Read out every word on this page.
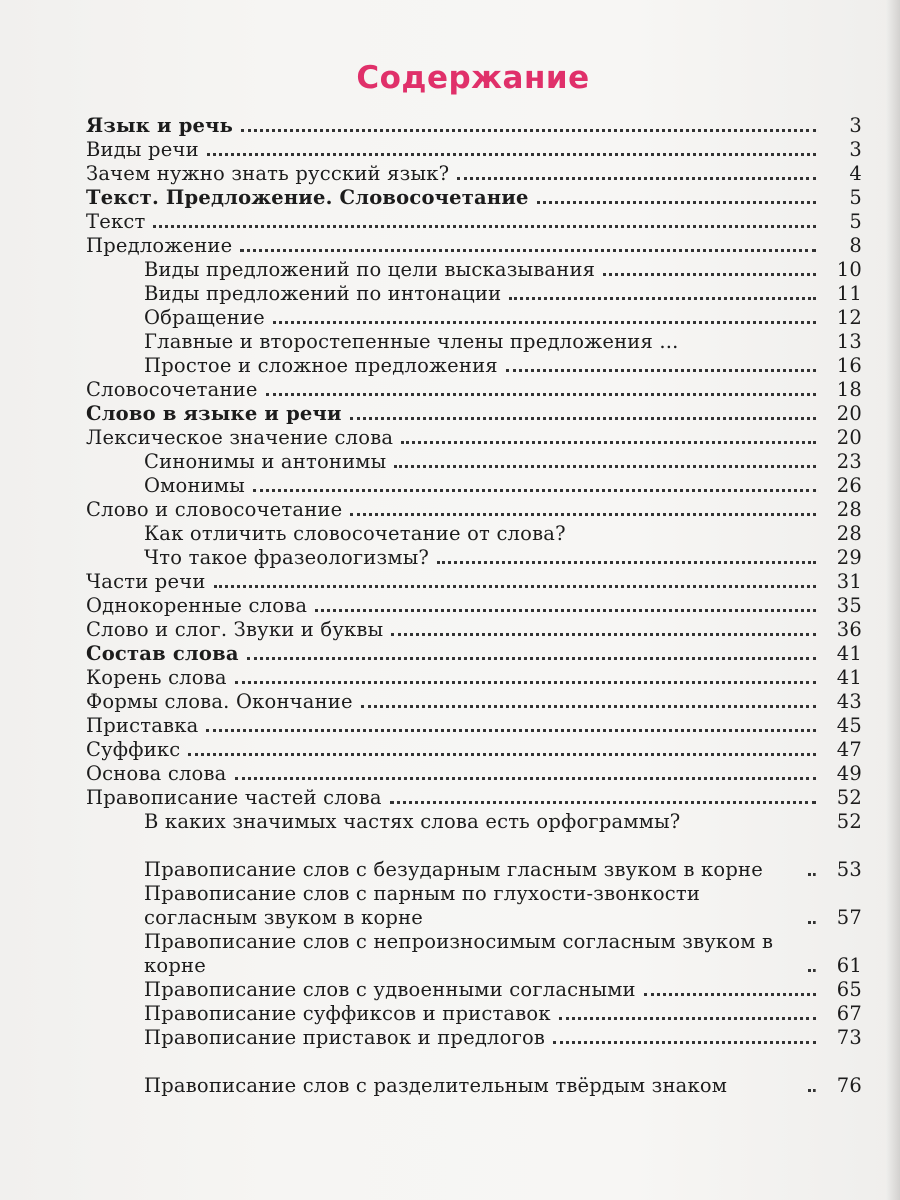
Содержание
Язык и речь	3
Виды речи	3
Зачем нужно знать русский язык?	4
Текст. Предложение. Словосочетание	5
Текст	5
Предложение	8
Виды предложений по цели высказывания	10
Виды предложений по интонации	11
Обращение	12
Главные и второстепенные члены предложения ...	13
Простое и сложное предложения	16
Словосочетание	18
Слово в языке и речи	20
Лексическое значение слова	20
Синонимы и антонимы	23
Омонимы	26
Слово и словосочетание	28
Как отличить словосочетание от слова?	28
Что такое фразеологизмы?	29
Части речи	31
Однокоренные слова	35
Слово и слог. Звуки и буквы	36
Состав слова	41
Корень слова	41
Формы слова. Окончание	43
Приставка	45
Суффикс	47
Основа слова	49
Правописание частей слова	52
В каких значимых частях слова есть орфограммы?	52
Правописание слов с безударным гласным звуком в корне	53
Правописание слов с парным по глухости-звонкости согласным звуком в корне	57
Правописание слов с непроизносимым согласным звуком в корне	61
Правописание слов с удвоенными согласными	65
Правописание суффиксов и приставок	67
Правописание приставок и предлогов	73
Правописание слов с разделительным твёрдым знаком	76
